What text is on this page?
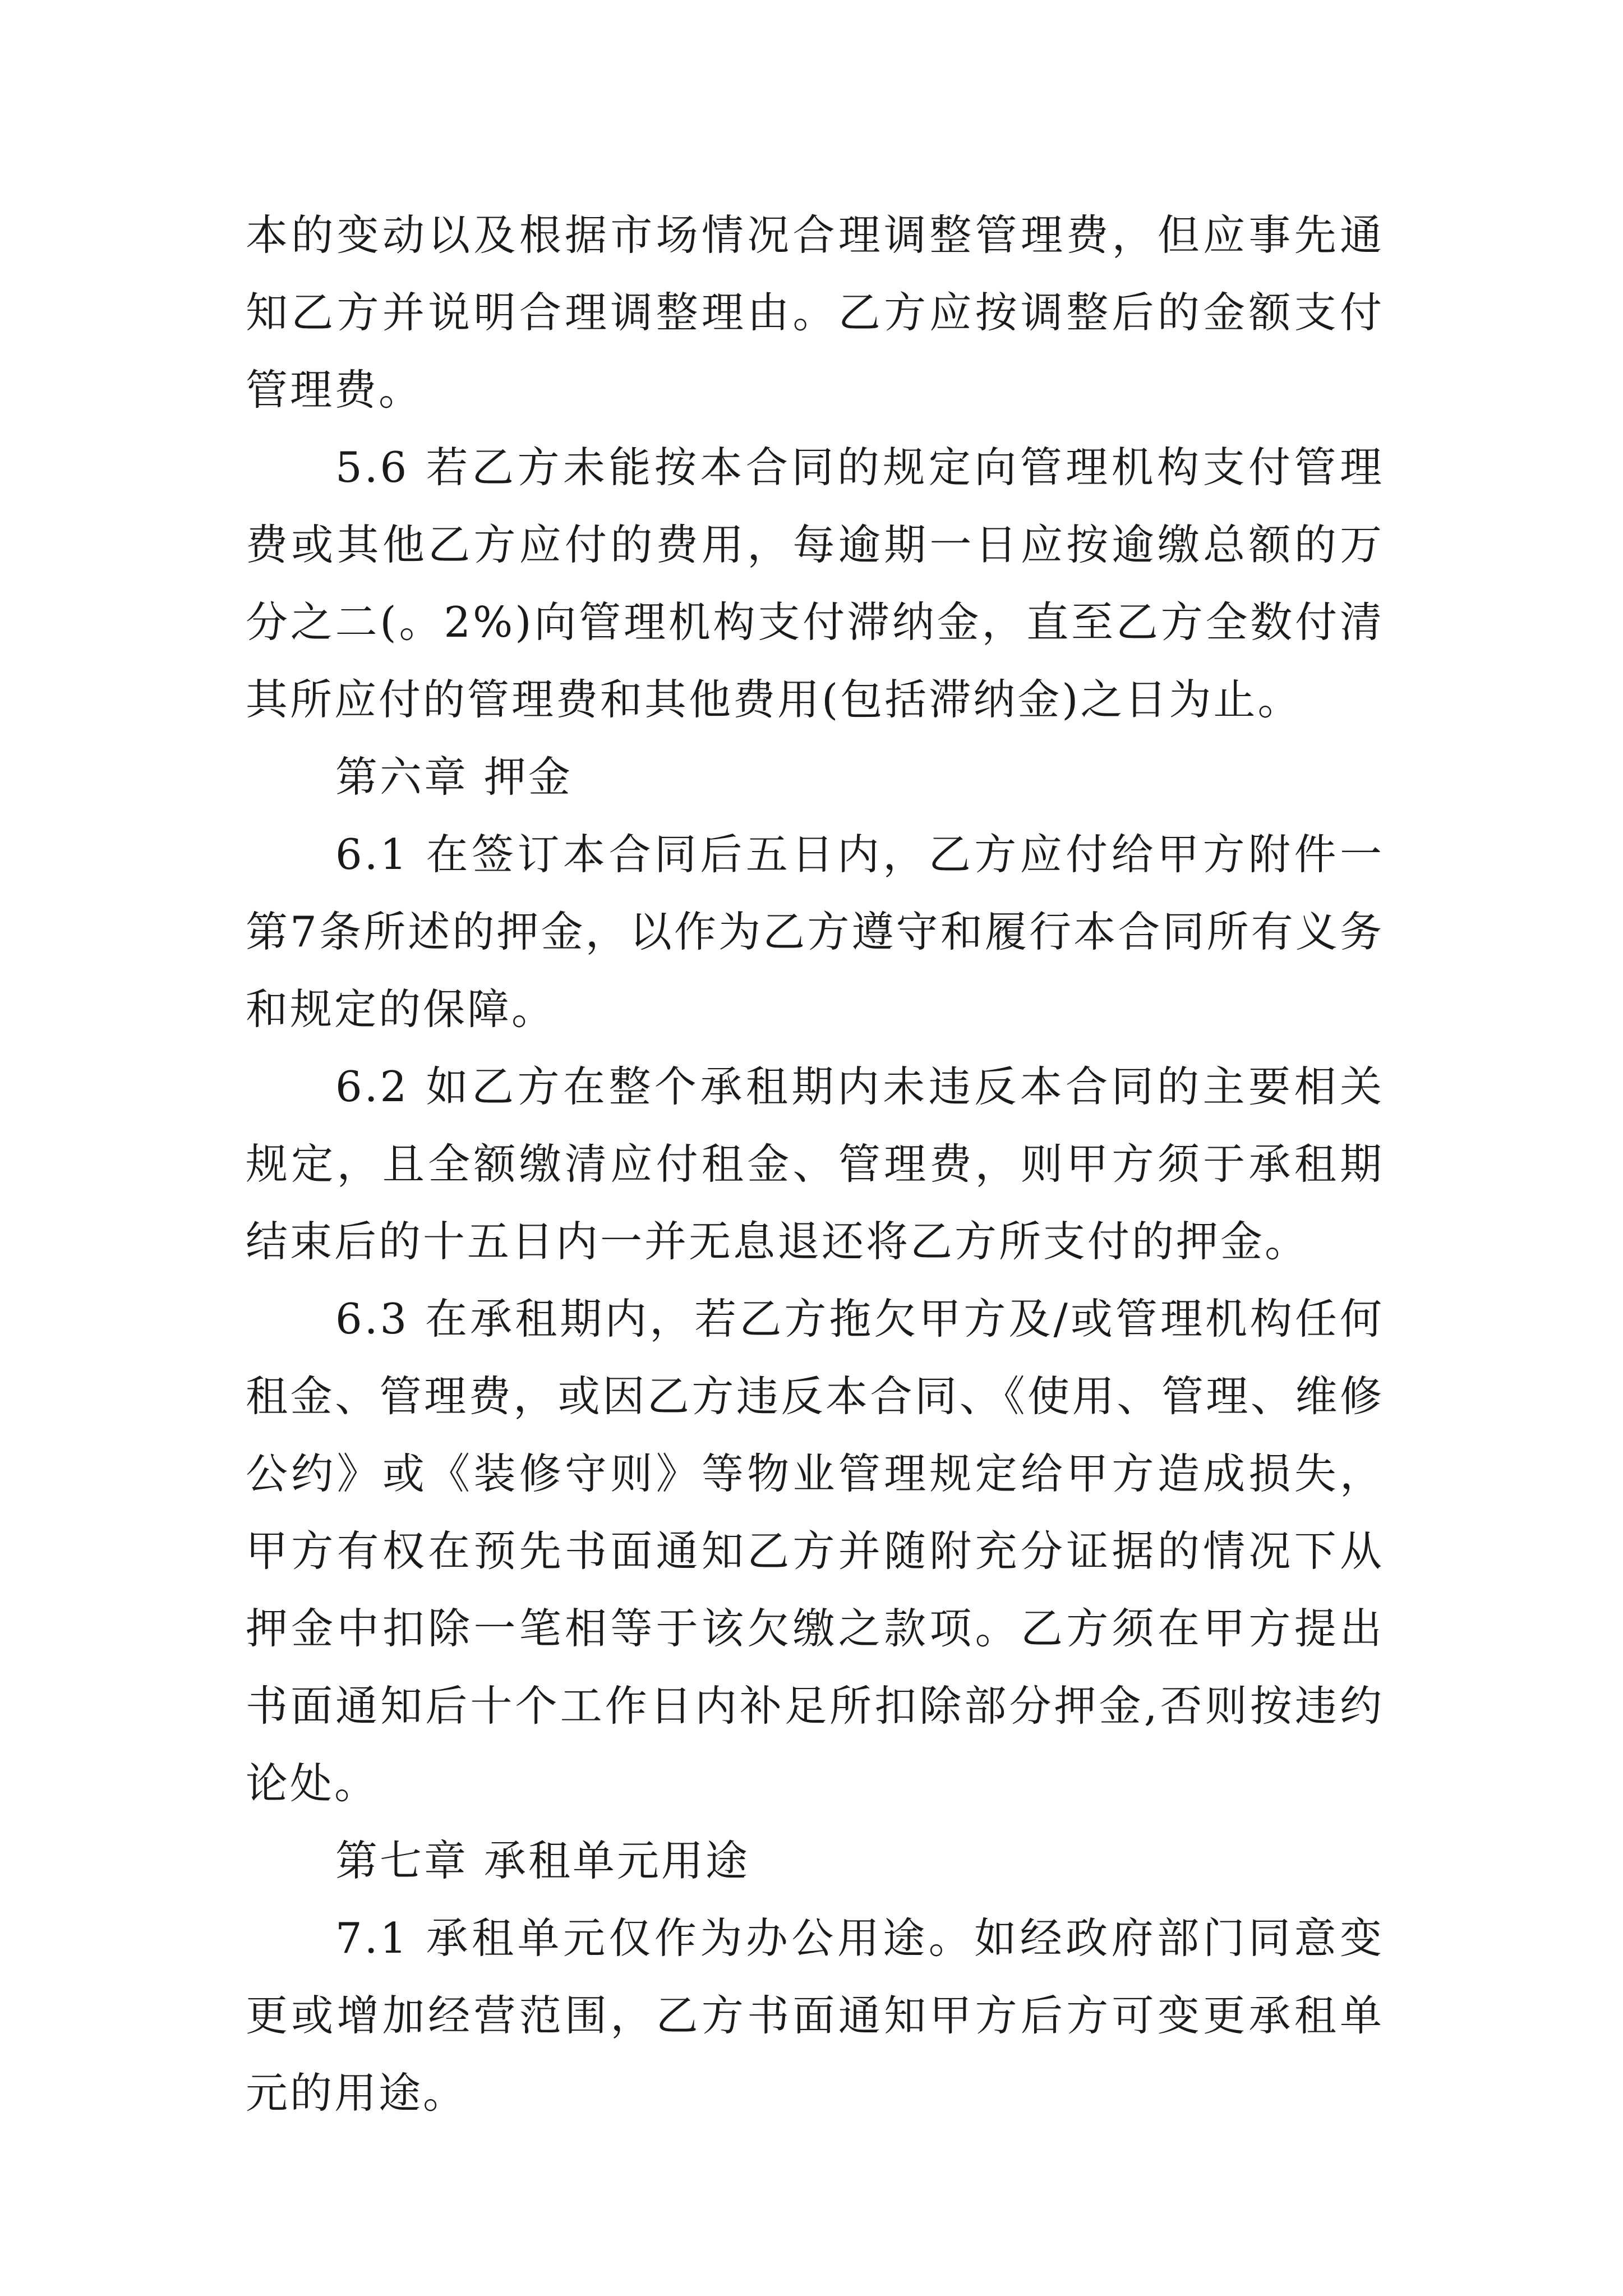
本的变动以及根据市场情况合理调整管理费，但应事先通知乙方并说明合理调整理由。乙方应按调整后的金额支付管理费。

5.6 若乙方未能按本合同的规定向管理机构支付管理费或其他乙方应付的费用，每逾期一日应按逾缴总额的万分之二(。2%)向管理机构支付滞纳金，直至乙方全数付清其所应付的管理费和其他费用(包括滞纳金)之日为止。

第六章 押金

6.1 在签订本合同后五日内，乙方应付给甲方附件一第7条所述的押金，以作为乙方遵守和履行本合同所有义务和规定的保障。

6.2 如乙方在整个承租期内未违反本合同的主要相关规定，且全额缴清应付租金、管理费，则甲方须于承租期结束后的十五日内一并无息退还将乙方所支付的押金。

6.3 在承租期内，若乙方拖欠甲方及/或管理机构任何租金、管理费，或因乙方违反本合同、《使用、管理、维修公约》或《装修守则》等物业管理规定给甲方造成损失，甲方有权在预先书面通知乙方并随附充分证据的情况下从押金中扣除一笔相等于该欠缴之款项。乙方须在甲方提出书面通知后十个工作日内补足所扣除部分押金,否则按违约论处。

第七章 承租单元用途

7.1 承租单元仅作为办公用途。如经政府部门同意变更或增加经营范围，乙方书面通知甲方后方可变更承租单元的用途。
